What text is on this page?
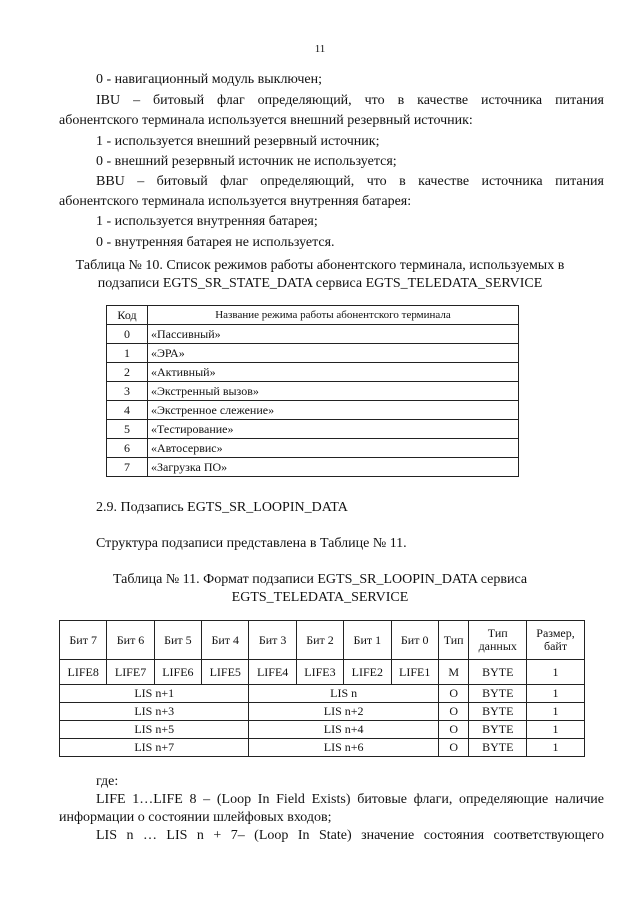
11
0 - навигационный модуль выключен;
IBU – битовый флаг определяющий, что в качестве источника питания
абонентского терминала используется внешний резервный источник:
1 - используется внешний резервный источник;
0 - внешний резервный источник не используется;
BBU – битовый флаг определяющий, что в качестве источника питания
абонентского терминала используется внутренняя батарея:
1 - используется внутренняя батарея;
0 - внутренняя батарея не используется.
Таблица № 10. Список режимов работы абонентского терминала, используемых в
подзаписи EGTS_SR_STATE_DATA сервиса EGTS_TELEDATA_SERVICE
Код	Название режима работы абонентского терминала
0	«Пассивный»
1	«ЭРА»
2	«Активный»
3	«Экстренный вызов»
4	«Экстренное слежение»
5	«Тестирование»
6	«Автосервис»
7	«Загрузка ПО»
2.9. Подзапись EGTS_SR_LOOPIN_DATA
Структура подзаписи представлена в Таблице № 11.
Таблица № 11. Формат подзаписи EGTS_SR_LOOPIN_DATA сервиса
EGTS_TELEDATA_SERVICE
Бит 7	Бит 6	Бит 5	Бит 4	Бит 3	Бит 2	Бит 1	Бит 0	Тип	Тип
данных	Размер,
байт
LIFE8	LIFE7	LIFE6	LIFE5	LIFE4	LIFE3	LIFE2	LIFE1	M	BYTE	1
LIS n+1				LIS n				O	BYTE	1
LIS n+3				LIS n+2				O	BYTE	1
LIS n+5				LIS n+4				O	BYTE	1
LIS n+7				LIS n+6				O	BYTE	1
где:
LIFE 1…LIFE 8 – (Loop In Field Exists) битовые флаги, определяющие наличие
информации о состоянии шлейфовых входов;
LIS n … LIS n + 7– (Loop In State) значение состояния соответствующего
